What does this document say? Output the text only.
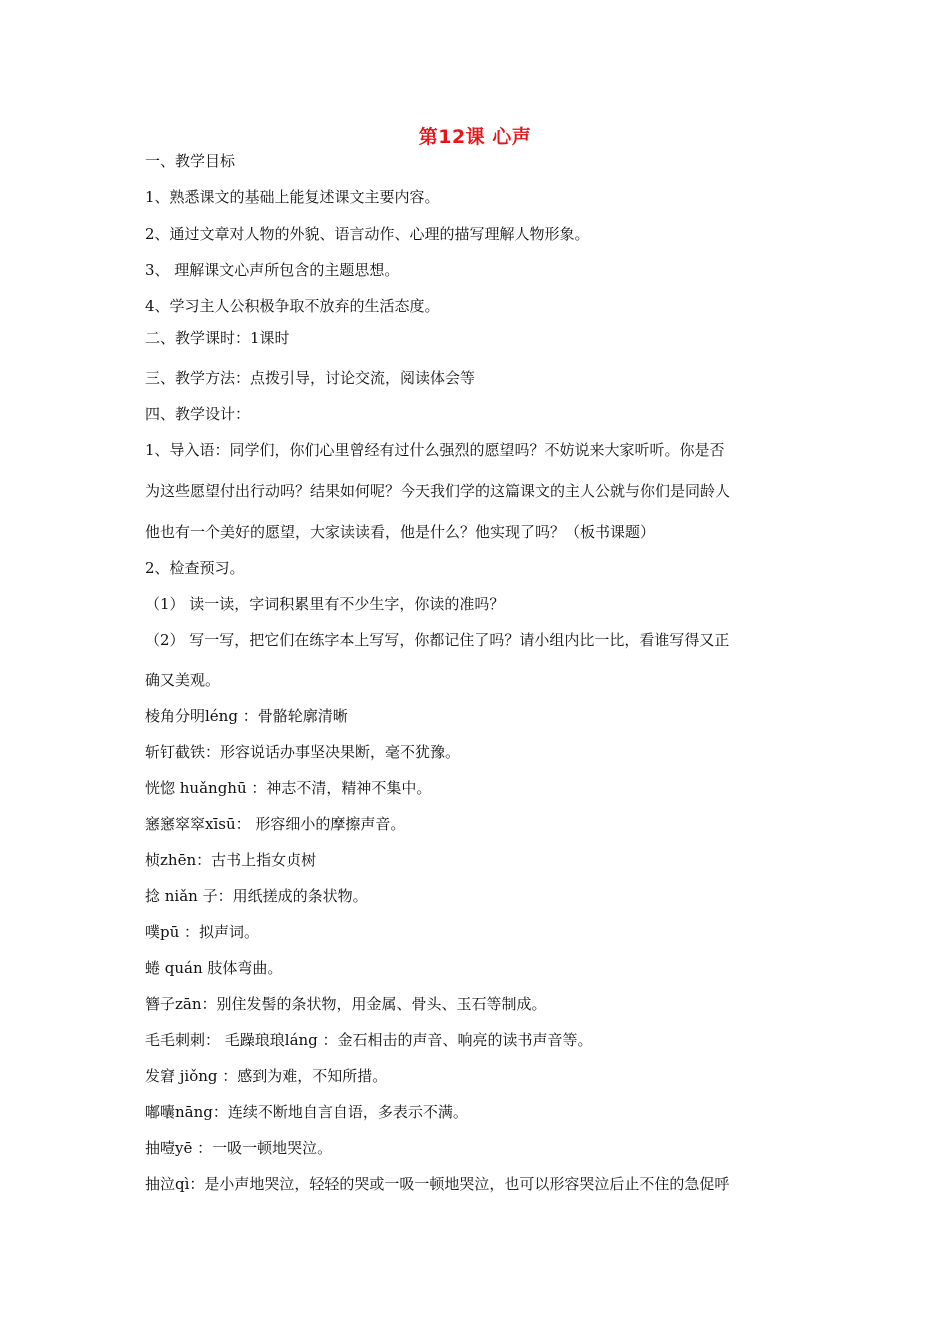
第12课 心声
一、教学目标
1、熟悉课文的基础上能复述课文主要内容。
2、通过文章对人物的外貌、语言动作、心理的描写理解人物形象。
3、 理解课文心声所包含的主题思想。
4、学习主人公积极争取不放弃的生活态度。
二、教学课时：1课时
三、教学方法：点拨引导，讨论交流，阅读体会等
四、教学设计：
1、导入语：同学们，你们心里曾经有过什么强烈的愿望吗？不妨说来大家听听。你是否
为这些愿望付出行动吗？结果如何呢？今天我们学的这篇课文的主人公就与你们是同龄人
他也有一个美好的愿望，大家读读看，他是什么？他实现了吗？（板书课题）
2、检查预习。
（1） 读一读，字词积累里有不少生字，你读的准吗？
（2） 写一写，把它们在练字本上写写，你都记住了吗？请小组内比一比，看谁写得又正
确又美观。
棱角分明léng ：骨骼轮廓清晰
斩钉截铁：形容说话办事坚决果断，毫不犹豫。
恍惚 huǎnghū ：神志不清，精神不集中。
窸窸窣窣xīsū： 形容细小的摩擦声音。
桢zhēn：古书上指女贞树
捻 niǎn 子：用纸搓成的条状物。
噗pū ：拟声词。
蜷 quán 肢体弯曲。
簪子zān：别住发髻的条状物，用金属、骨头、玉石等制成。
毛毛刺刺： 毛躁琅琅láng ：金石相击的声音、响亮的读书声音等。
发窘 jiǒng ：感到为难，不知所措。
嘟囔nāng：连续不断地自言自语，多表示不满。
抽噎yē ：一吸一顿地哭泣。
抽泣qì：是小声地哭泣，轻轻的哭或一吸一顿地哭泣，也可以形容哭泣后止不住的急促呼
